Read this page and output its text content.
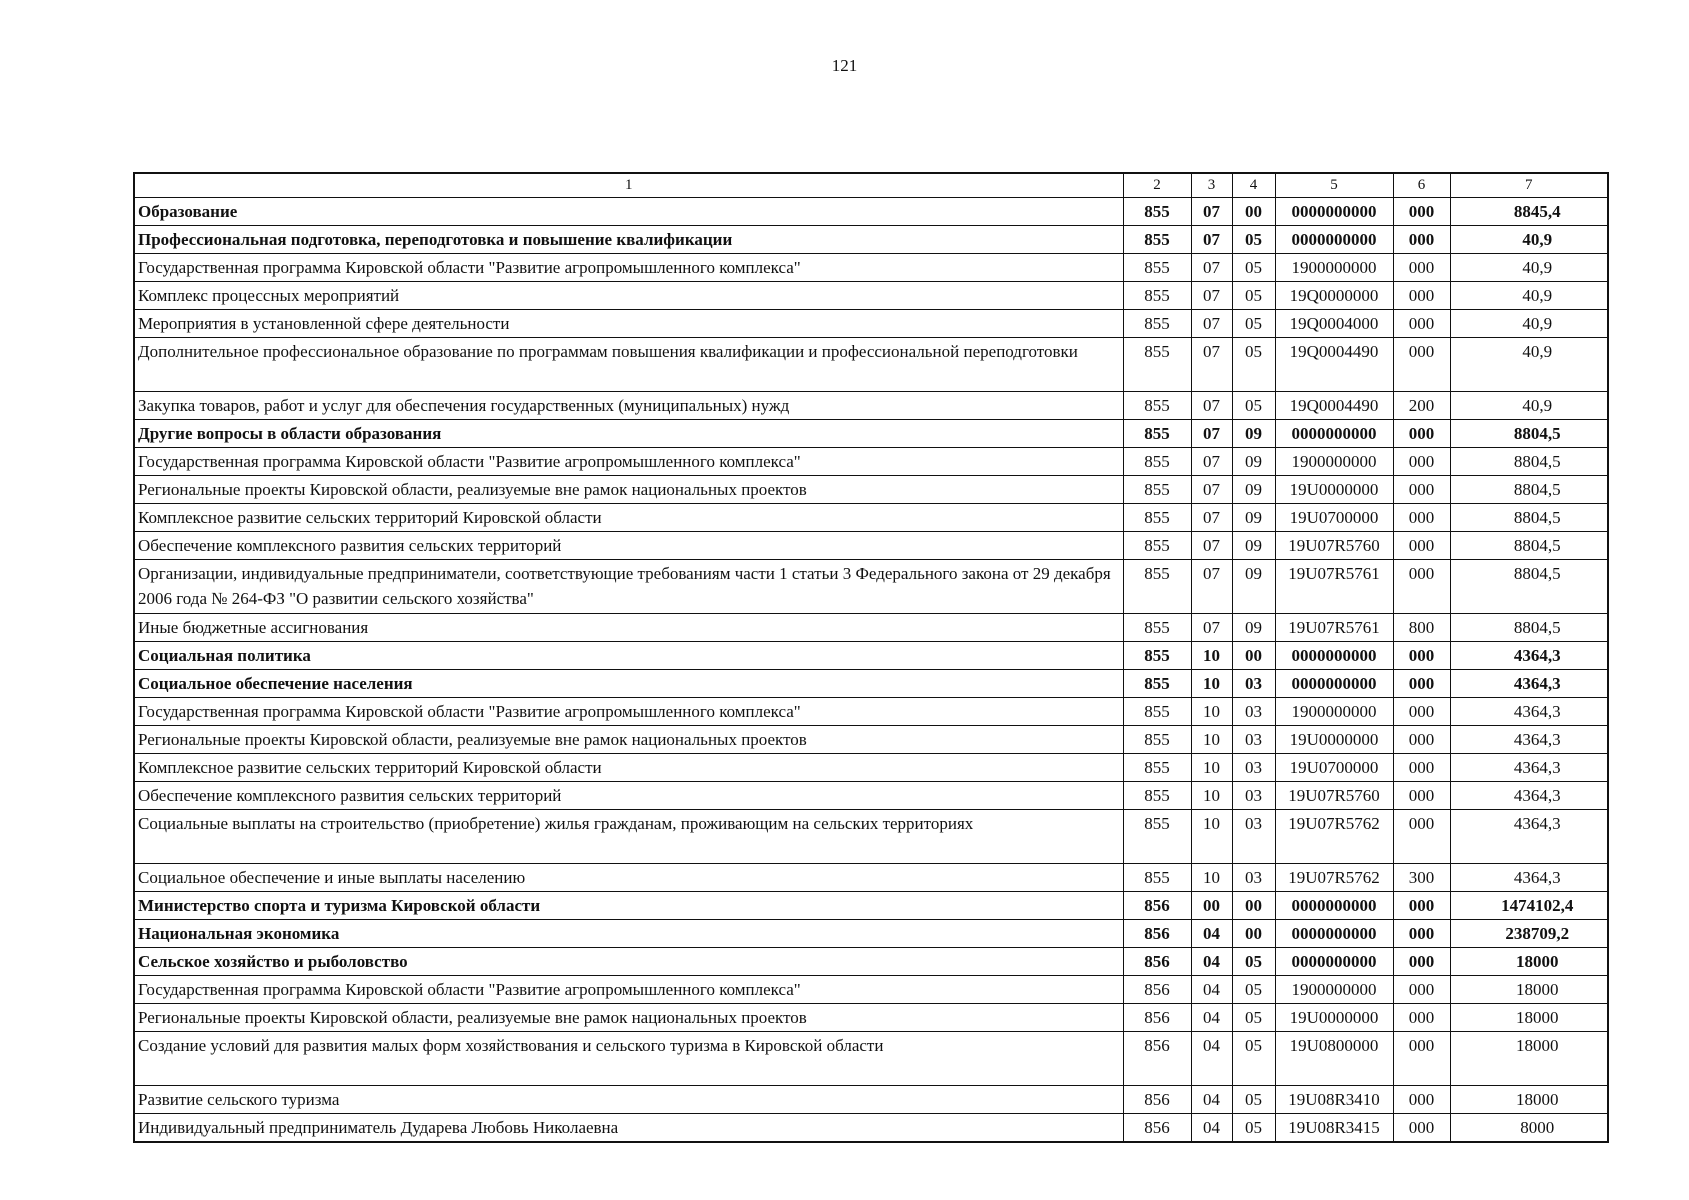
121
1	2	3	4	5	6	7
Образование	855	07	00	0000000000	000	8845,4
Профессиональная подготовка, переподготовка и повышение квалификации	855	07	05	0000000000	000	40,9
Государственная программа Кировской области "Развитие агропромышленного комплекса"	855	07	05	1900000000	000	40,9
Комплекс процессных мероприятий	855	07	05	19Q0000000	000	40,9
Мероприятия в установленной сфере деятельности	855	07	05	19Q0004000	000	40,9
Дополнительное профессиональное образование по программам повышения квалификации и профессиональной переподготовки	855	07	05	19Q0004490	000	40,9
Закупка товаров, работ и услуг для обеспечения государственных (муниципальных) нужд	855	07	05	19Q0004490	200	40,9
Другие вопросы в области образования	855	07	09	0000000000	000	8804,5
Государственная программа Кировской области "Развитие агропромышленного комплекса"	855	07	09	1900000000	000	8804,5
Региональные проекты Кировской области, реализуемые вне рамок национальных проектов	855	07	09	19U0000000	000	8804,5
Комплексное развитие сельских территорий Кировской области	855	07	09	19U0700000	000	8804,5
Обеспечение комплексного развития сельских территорий	855	07	09	19U07R5760	000	8804,5
Организации, индивидуальные предприниматели, соответствующие требованиям части 1 статьи 3 Федерального закона от 29 декабря 2006 года № 264-ФЗ "О развитии сельского хозяйства"	855	07	09	19U07R5761	000	8804,5
Иные бюджетные ассигнования	855	07	09	19U07R5761	800	8804,5
Социальная политика	855	10	00	0000000000	000	4364,3
Социальное обеспечение населения	855	10	03	0000000000	000	4364,3
Государственная программа Кировской области "Развитие агропромышленного комплекса"	855	10	03	1900000000	000	4364,3
Региональные проекты Кировской области, реализуемые вне рамок национальных проектов	855	10	03	19U0000000	000	4364,3
Комплексное развитие сельских территорий Кировской области	855	10	03	19U0700000	000	4364,3
Обеспечение комплексного развития сельских территорий	855	10	03	19U07R5760	000	4364,3
Социальные выплаты на строительство (приобретение) жилья гражданам, проживающим на сельских территориях	855	10	03	19U07R5762	000	4364,3
Социальное обеспечение и иные выплаты населению	855	10	03	19U07R5762	300	4364,3
Министерство спорта и туризма Кировской области	856	00	00	0000000000	000	1474102,4
Национальная экономика	856	04	00	0000000000	000	238709,2
Сельское хозяйство и рыболовство	856	04	05	0000000000	000	18000
Государственная программа Кировской области "Развитие агропромышленного комплекса"	856	04	05	1900000000	000	18000
Региональные проекты Кировской области, реализуемые вне рамок национальных проектов	856	04	05	19U0000000	000	18000
Создание условий для развития малых форм хозяйствования и сельского туризма в Кировской области	856	04	05	19U0800000	000	18000
Развитие сельского туризма	856	04	05	19U08R3410	000	18000
Индивидуальный предприниматель Дударева Любовь Николаевна	856	04	05	19U08R3415	000	8000
